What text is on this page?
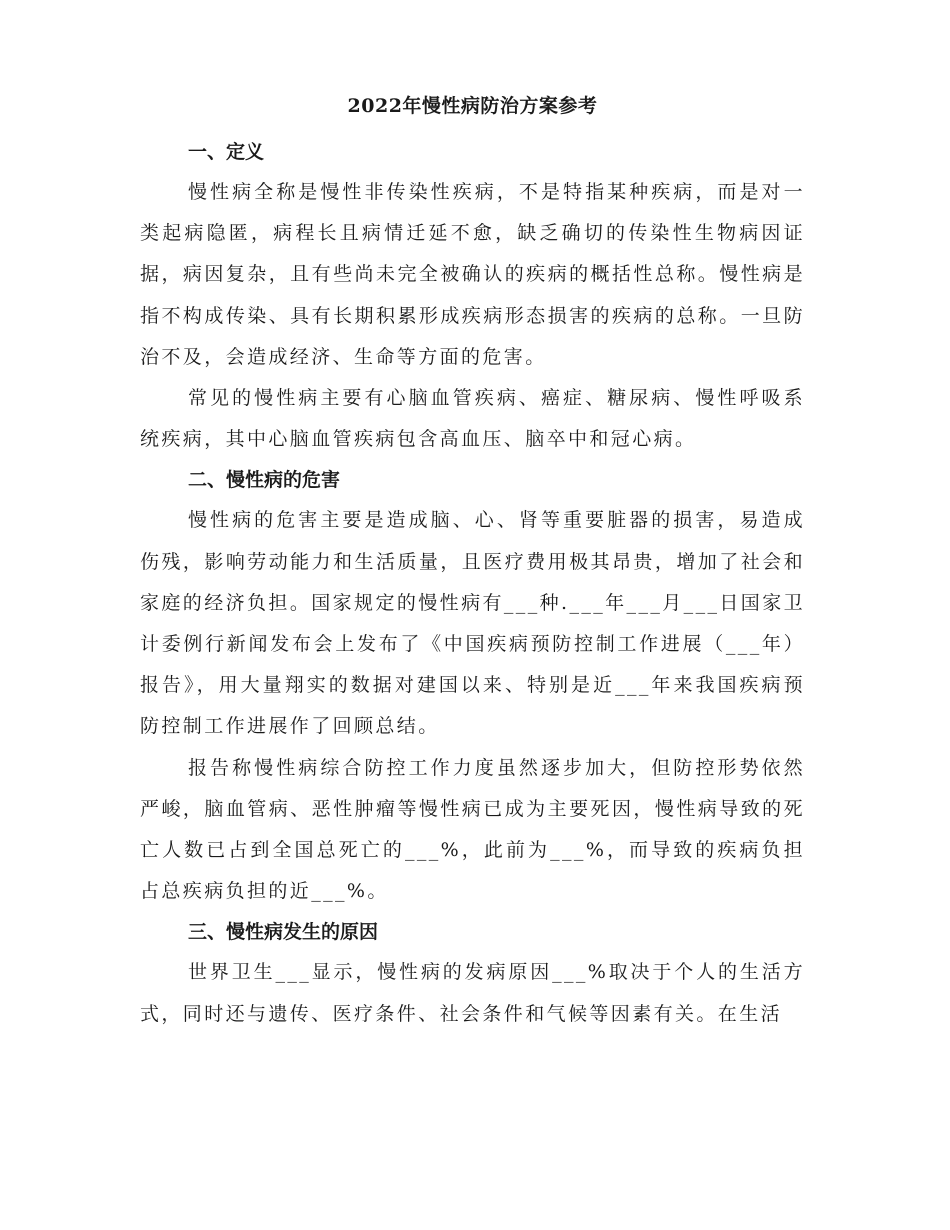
2022年慢性病防治方案参考
一、定义

慢性病全称是慢性非传染性疾病，不是特指某种疾病，而是对一类起病隐匿，病程长且病情迁延不愈，缺乏确切的传染性生物病因证据，病因复杂，且有些尚未完全被确认的疾病的概括性总称。慢性病是指不构成传染、具有长期积累形成疾病形态损害的疾病的总称。一旦防治不及，会造成经济、生命等方面的危害。

常见的慢性病主要有心脑血管疾病、癌症、糖尿病、慢性呼吸系统疾病，其中心脑血管疾病包含高血压、脑卒中和冠心病。

二、慢性病的危害

慢性病的危害主要是造成脑、心、肾等重要脏器的损害，易造成伤残，影响劳动能力和生活质量，且医疗费用极其昂贵，增加了社会和家庭的经济负担。国家规定的慢性病有___种.___年___月___日国家卫计委例行新闻发布会上发布了《中国疾病预防控制工作进展（___年）报告》，用大量翔实的数据对建国以来、特别是近___年来我国疾病预防控制工作进展作了回顾总结。

报告称慢性病综合防控工作力度虽然逐步加大，但防控形势依然严峻，脑血管病、恶性肿瘤等慢性病已成为主要死因，慢性病导致的死亡人数已占到全国总死亡的___%，此前为___%，而导致的疾病负担占总疾病负担的近___%。

三、慢性病发生的原因

世界卫生___显示，慢性病的发病原因___%取决于个人的生活方式，同时还与遗传、医疗条件、社会条件和气候等因素有关。在生活
